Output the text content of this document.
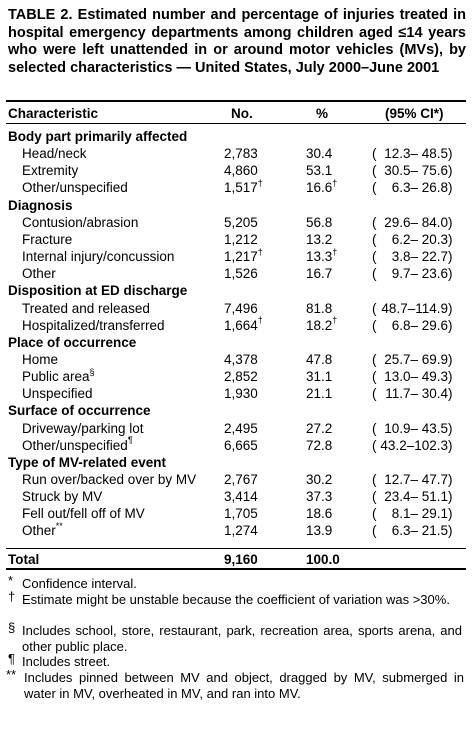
TABLE 2. Estimated number and percentage of injuries treated in hospital emergency departments among children aged ≤14 years who were left unattended in or around motor vehicles (MVs), by selected characteristics — United States, July 2000–June 2001
Characteristic	No.	%	(95% CI*)
Body part primarily affected
Head/neck	2,783	30.4	( 12.3– 48.5 )
Extremity	4,860	53.1	( 30.5– 75.6 )
Other/unspecified	1,517†	16.6†	(	6.3– 26.8 )
Diagnosis
Contusion/abrasion	5,205	56.8	( 29.6– 84.0 )
Fracture	1,212	13.2	(	6.2– 20.3 )
Internal injury/concussion	1,217†	13.3†	(	3.8– 22.7 )
Other	1,526	16.7	(	9.7– 23.6 )
Disposition at ED discharge
Treated and released	7,496	81.8	( 48.7–114.9 )
Hospitalized/transferred	1,664†	18.2†	(	6.8– 29.6 )
Place of occurrence
Home	4,378	47.8	( 25.7– 69.9 )
Public area§	2,852	31.1	( 13.0– 49.3 )
Unspecified	1,930	21.1	( 11.7– 30.4 )
Surface of occurrence
Driveway/parking lot	2,495	27.2	( 10.9– 43.5 )
Other/unspecified¶	6,665	72.8	( 43.2–102.3 )
Type of MV-related event
Run over/backed over by MV 2,767	30.2	( 12.7– 47.7 )
Struck by MV	3,414	37.3	( 23.4– 51.1 )
Fell out/fell off of MV	1,705	18.6	(	8.1– 29.1 )
Other**	1,274	13.9	(	6.3– 21.5 )
Total	9,160	100.0
* Confidence interval.
† Estimate might be unstable because the coefficient of variation was >30%.
§ Includes school, store, restaurant, park, recreation area, sports arena, and other public place.
¶ Includes street.
** Includes pinned between MV and object, dragged by MV, submerged in water in MV, overheated in MV, and ran into MV.
